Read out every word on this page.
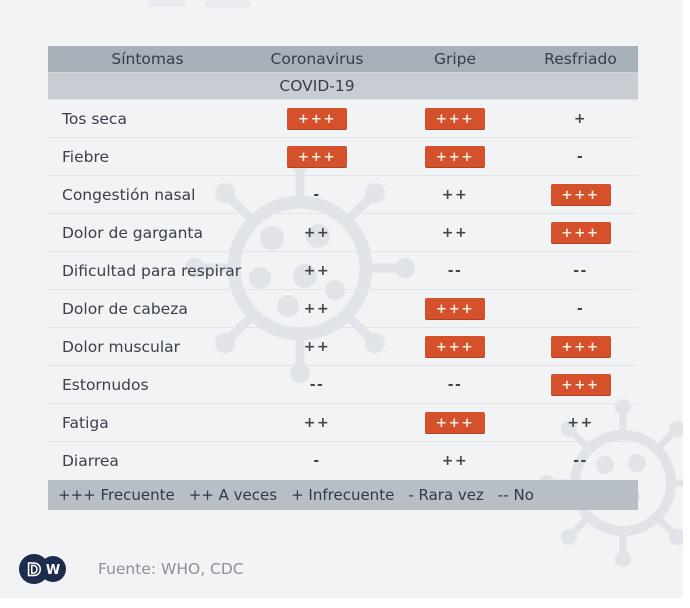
Síntomas	Coronavirus	Gripe	Resfriado
COVID-19
Tos seca	+++	+++	+
Fiebre	+++	+++	-
Congestión nasal	-	++	+++
Dolor de garganta	++	++	+++
Dificultad para respirar	++	--	--
Dolor de cabeza	++	+++	-
Dolor muscular	++	+++	+++
Estornudos	--	--	+++
Fatiga	++	+++	++
Diarrea	-	++	--
+++ Frecuente ++ A veces + Infrecuente - Rara vez -- No
D W Fuente: WHO, CDC
